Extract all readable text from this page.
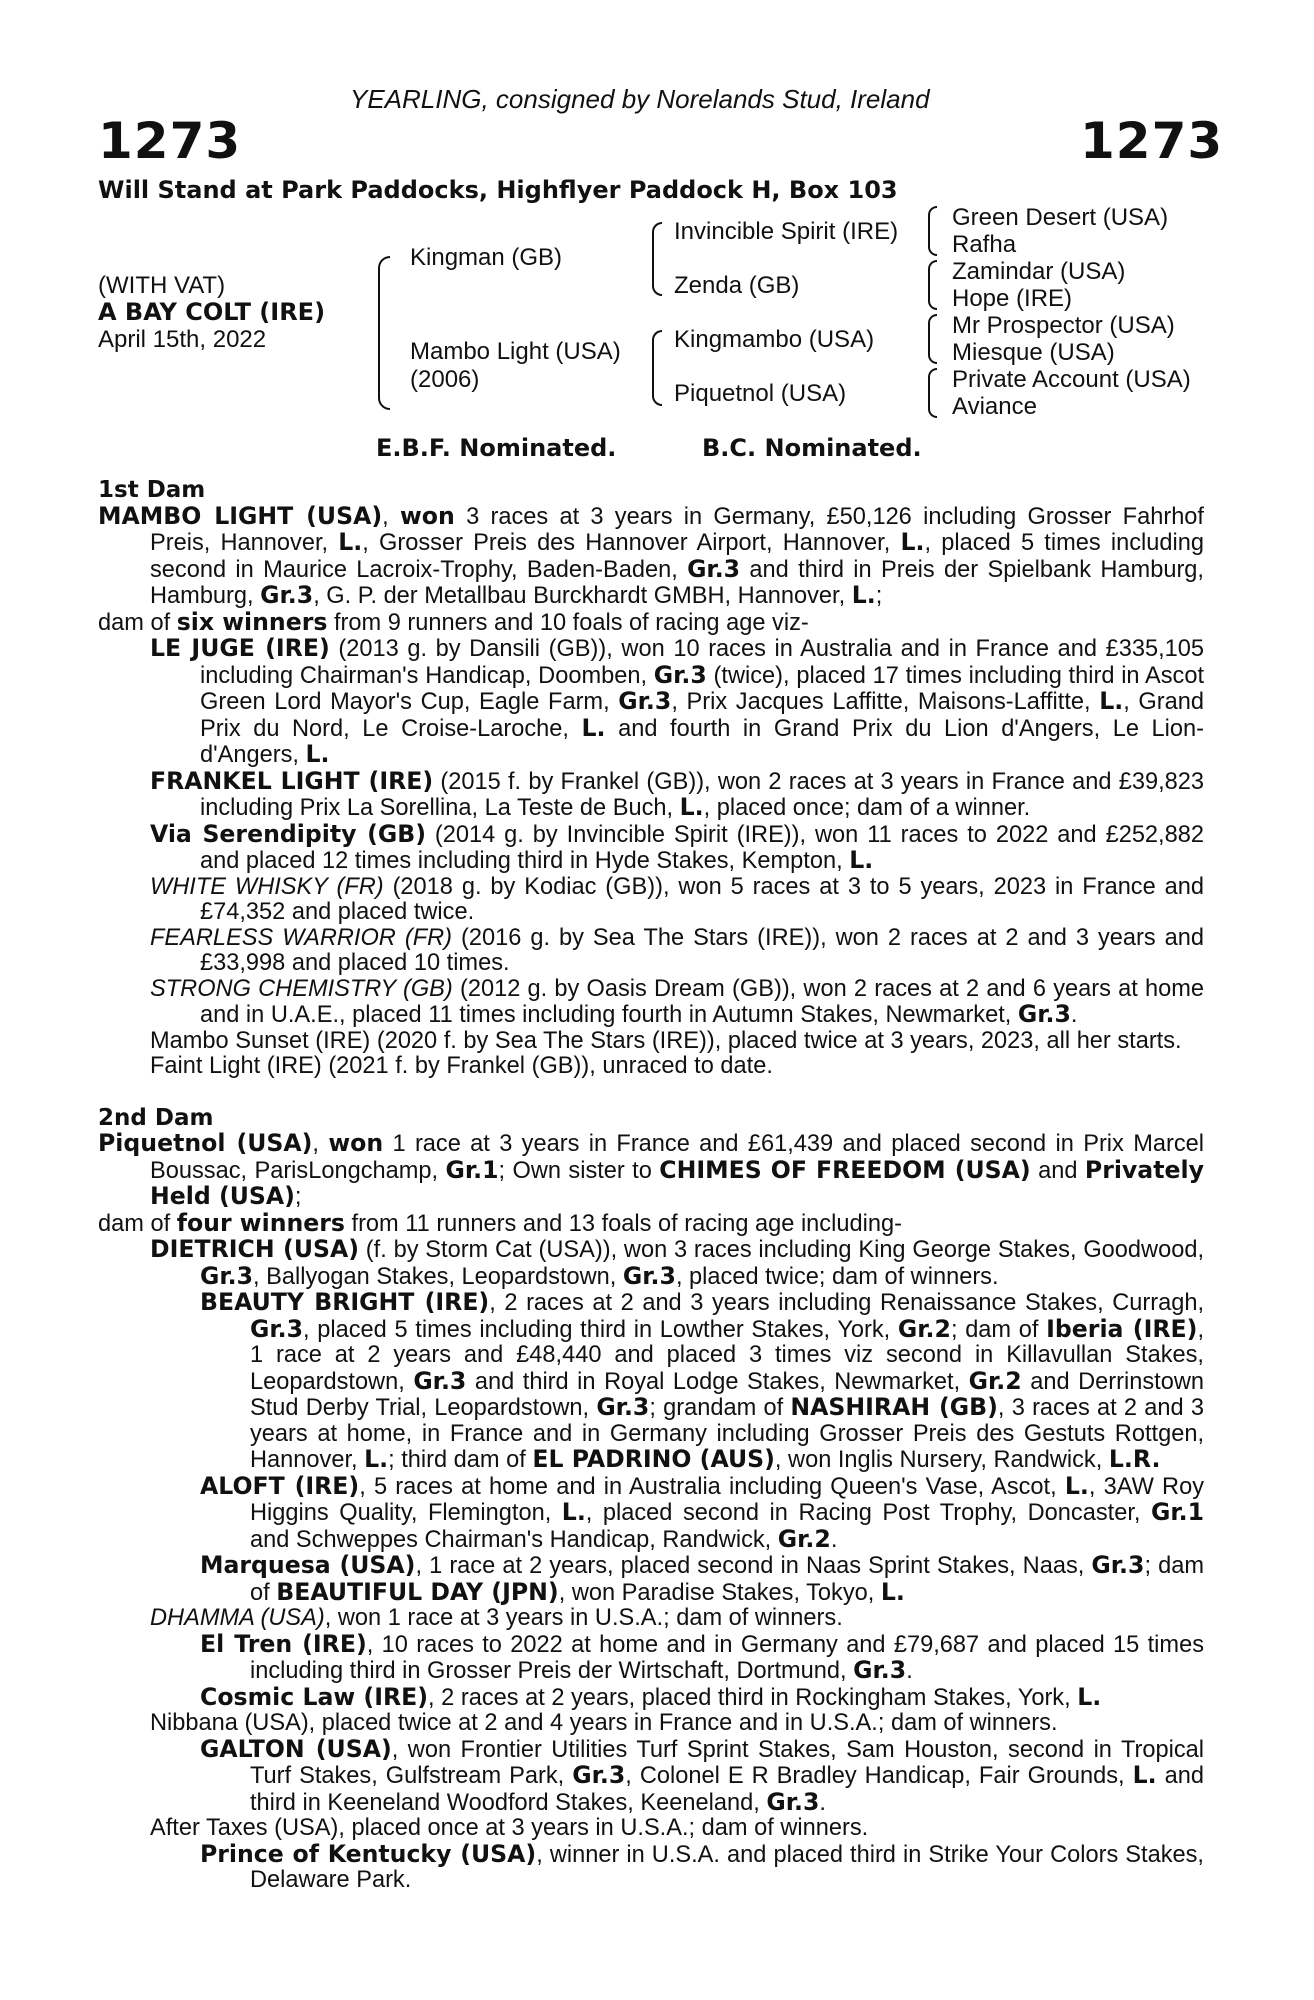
YEARLING, consigned by Norelands Stud, Ireland
1273	1273
Will Stand at Park Paddocks, Highflyer Paddock H, Box 103
(WITH VAT)
A BAY COLT (IRE)
April 15th, 2022
Kingman (GB)
Mambo Light (USA)
(2006)
Invincible Spirit (IRE)
Zenda (GB)
Kingmambo (USA)
Piquetnol (USA)
Green Desert (USA)
Rafha
Zamindar (USA)
Hope (IRE)
Mr Prospector (USA)
Miesque (USA)
Private Account (USA)
Aviance
E.B.F. Nominated.	B.C. Nominated.

1st Dam

MAMBO LIGHT (USA), won 3 races at 3 years in Germany, £50,126 including Grosser Fahrhof Preis, Hannover, L., Grosser Preis des Hannover Airport, Hannover, L., placed 5 times including second in Maurice Lacroix-Trophy, Baden-Baden, Gr.3 and third in Preis der Spielbank Hamburg, Hamburg, Gr.3, G. P. der Metallbau Burckhardt GMBH, Hannover, L.;

dam of six winners from 9 runners and 10 foals of racing age viz-

LE JUGE (IRE) (2013 g. by Dansili (GB)), won 10 races in Australia and in France and £335,105 including Chairman's Handicap, Doomben, Gr.3 (twice), placed 17 times including third in Ascot Green Lord Mayor's Cup, Eagle Farm, Gr.3, Prix Jacques Laffitte, Maisons-Laffitte, L., Grand Prix du Nord, Le Croise-Laroche, L. and fourth in Grand Prix du Lion d'Angers, Le Lion-d'Angers, L.

FRANKEL LIGHT (IRE) (2015 f. by Frankel (GB)), won 2 races at 3 years in France and £39,823 including Prix La Sorellina, La Teste de Buch, L., placed once; dam of a winner.

Via Serendipity (GB) (2014 g. by Invincible Spirit (IRE)), won 11 races to 2022 and £252,882 and placed 12 times including third in Hyde Stakes, Kempton, L.

WHITE WHISKY (FR) (2018 g. by Kodiac (GB)), won 5 races at 3 to 5 years, 2023 in France and £74,352 and placed twice.

FEARLESS WARRIOR (FR) (2016 g. by Sea The Stars (IRE)), won 2 races at 2 and 3 years and £33,998 and placed 10 times.

STRONG CHEMISTRY (GB) (2012 g. by Oasis Dream (GB)), won 2 races at 2 and 6 years at home and in U.A.E., placed 11 times including fourth in Autumn Stakes, Newmarket, Gr.3.

Mambo Sunset (IRE) (2020 f. by Sea The Stars (IRE)), placed twice at 3 years, 2023, all her starts.

Faint Light (IRE) (2021 f. by Frankel (GB)), unraced to date.

2nd Dam

Piquetnol (USA), won 1 race at 3 years in France and £61,439 and placed second in Prix Marcel Boussac, ParisLongchamp, Gr.1; Own sister to CHIMES OF FREEDOM (USA) and Privately Held (USA);

dam of four winners from 11 runners and 13 foals of racing age including-

DIETRICH (USA) (f. by Storm Cat (USA)), won 3 races including King George Stakes, Goodwood, Gr.3, Ballyogan Stakes, Leopardstown, Gr.3, placed twice; dam of winners.

BEAUTY BRIGHT (IRE), 2 races at 2 and 3 years including Renaissance Stakes, Curragh, Gr.3, placed 5 times including third in Lowther Stakes, York, Gr.2; dam of Iberia (IRE), 1 race at 2 years and £48,440 and placed 3 times viz second in Killavullan Stakes, Leopardstown, Gr.3 and third in Royal Lodge Stakes, Newmarket, Gr.2 and Derrinstown Stud Derby Trial, Leopardstown, Gr.3; grandam of NASHIRAH (GB), 3 races at 2 and 3 years at home, in France and in Germany including Grosser Preis des Gestuts Rottgen, Hannover, L.; third dam of EL PADRINO (AUS), won Inglis Nursery, Randwick, L.R.

ALOFT (IRE), 5 races at home and in Australia including Queen's Vase, Ascot, L., 3AW Roy Higgins Quality, Flemington, L., placed second in Racing Post Trophy, Doncaster, Gr.1 and Schweppes Chairman's Handicap, Randwick, Gr.2.

Marquesa (USA), 1 race at 2 years, placed second in Naas Sprint Stakes, Naas, Gr.3; dam of BEAUTIFUL DAY (JPN), won Paradise Stakes, Tokyo, L.

DHAMMA (USA), won 1 race at 3 years in U.S.A.; dam of winners.

El Tren (IRE), 10 races to 2022 at home and in Germany and £79,687 and placed 15 times including third in Grosser Preis der Wirtschaft, Dortmund, Gr.3.

Cosmic Law (IRE), 2 races at 2 years, placed third in Rockingham Stakes, York, L.

Nibbana (USA), placed twice at 2 and 4 years in France and in U.S.A.; dam of winners.

GALTON (USA), won Frontier Utilities Turf Sprint Stakes, Sam Houston, second in Tropical Turf Stakes, Gulfstream Park, Gr.3, Colonel E R Bradley Handicap, Fair Grounds, L. and third in Keeneland Woodford Stakes, Keeneland, Gr.3.

After Taxes (USA), placed once at 3 years in U.S.A.; dam of winners.

Prince of Kentucky (USA), winner in U.S.A. and placed third in Strike Your Colors Stakes, Delaware Park.
